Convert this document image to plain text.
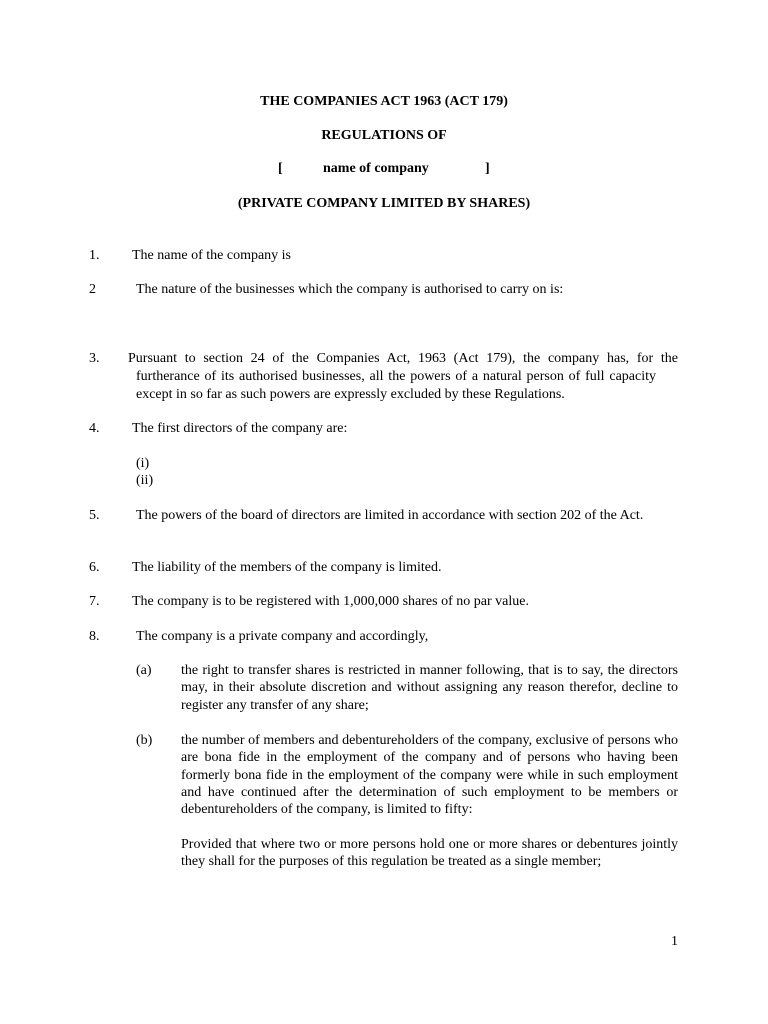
THE COMPANIES ACT 1963 (ACT 179)
REGULATIONS OF
[	name of company	]
(PRIVATE COMPANY LIMITED BY SHARES)
1. The name of the company is
2	The nature of the businesses which the company is authorised to carry on is:
3. Pursuant to section 24 of the Companies Act, 1963 (Act 179), the company has, for the
furtherance of its authorised businesses, all the powers of a natural person of full capacity except in so far as such powers are expressly excluded by these Regulations.
4. The first directors of the company are:
(i)
(ii)
5.	The powers of the board of directors are limited in accordance with section 202 of the Act.
6. The liability of the members of the company is limited.
7. The company is to be registered with 1,000,000 shares of no par value.
8.	The company is a private company and accordingly,
(a) the right to transfer shares is restricted in manner following, that is to say, the directors may, in their absolute discretion and without assigning any reason therefor, decline to register any transfer of any share;
(b) the number of members and debentureholders of the company, exclusive of persons who are bona fide in the employment of the company and of persons who having been formerly bona fide in the employment of the company were while in such employment and have continued after the determination of such employment to be members or debentureholders of the company, is limited to fifty:
Provided that where two or more persons hold one or more shares or debentures jointly they shall for the purposes of this regulation be treated as a single member;
1
